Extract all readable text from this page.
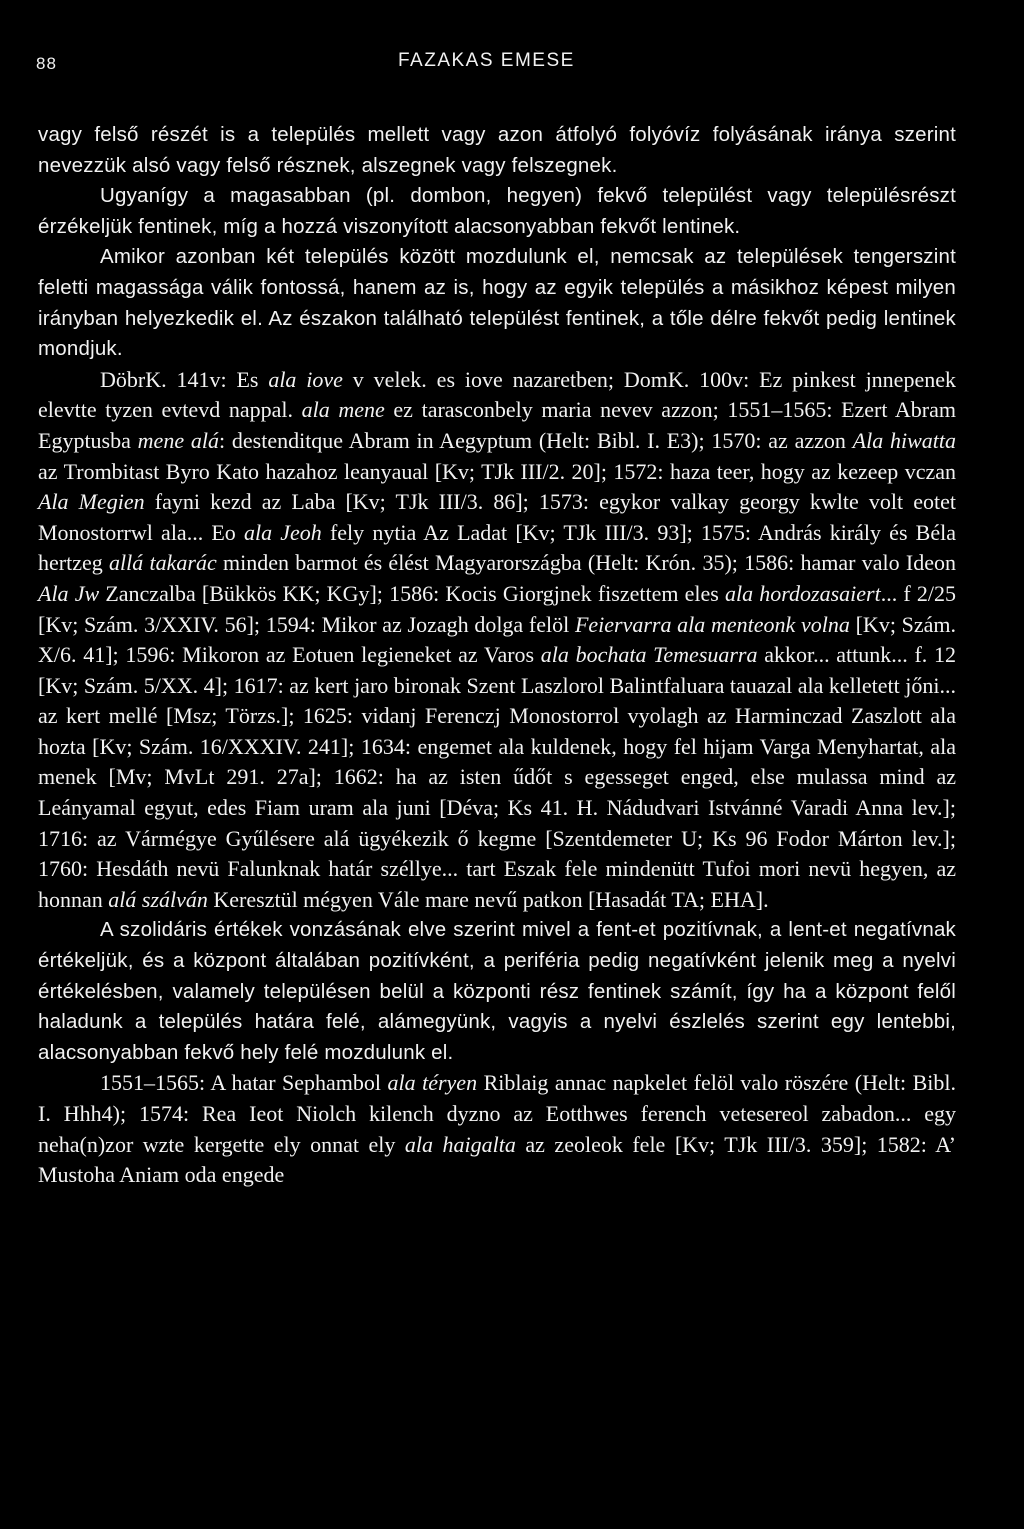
88	FAZAKAS EMESE

vagy felső részét is a település mellett vagy azon átfolyó folyóvíz folyásának iránya szerint nevezzük alsó vagy felső résznek, alszegnek vagy felszegnek.

Ugyanígy a magasabban (pl. dombon, hegyen) fekvő települést vagy településrészt érzékeljük fentinek, míg a hozzá viszonyított alacsonyabban fekvőt lentinek.

Amikor azonban két település között mozdulunk el, nemcsak az települések tengerszint feletti magassága válik fontossá, hanem az is, hogy az egyik település a másikhoz képest milyen irányban helyezkedik el. Az északon található települést fentinek, a tőle délre fekvőt pedig lentinek mondjuk.

DöbrK. 141v: Es ala iove v velek. es iove nazaretben; DomK. 100v: Ez pinkest jnnepenek elevtte tyzen evtevd nappal. ala mene ez tarasconbely maria nevev azzon; 1551–1565: Ezert Abram Egyptusba mene alá: destenditque Abram in Aegyptum (Helt: Bibl. I. E3); 1570: az azzon Ala hiwatta az Trombitast Byro Kato hazahoz leanyaual [Kv; TJk III/2. 20]; 1572: haza teer, hogy az kezeep vczan Ala Megien fayni kezd az Laba [Kv; TJk III/3. 86]; 1573: egykor valkay georgy kwlte volt eotet Monostorrwl ala... Eo ala Jeoh fely nytia Az Ladat [Kv; TJk III/3. 93]; 1575: András király és Béla hertzeg allá takarác minden barmot és élést Magyarországba (Helt: Krón. 35); 1586: hamar valo Ideon Ala Jw Zanczalba [Bükkös KK; KGy]; 1586: Kocis Giorgjnek fiszettem eles ala hordozasaiert... f 2/25 [Kv; Szám. 3/XXIV. 56]; 1594: Mikor az Jozagh dolga felöl Feiervarra ala menteonk volna [Kv; Szám. X/6. 41]; 1596: Mikoron az Eotuen legieneket az Varos ala bochata Temesuarra akkor... attunk... f. 12 [Kv; Szám. 5/XX. 4]; 1617: az kert jaro bironak Szent Laszlorol Balintfaluara tauazal ala kelletett jőni... az kert mellé [Msz; Törzs.]; 1625: vidanj Ferenczj Monostorrol vyolagh az Harminczad Zaszlott ala hozta [Kv; Szám. 16/XXXIV. 241]; 1634: engemet ala kuldenek, hogy fel hijam Varga Menyhartat, ala menek [Mv; MvLt 291. 27a]; 1662: ha az isten űdőt s egesseget enged, else mulassa mind az Leányamal egyut, edes Fiam uram ala juni [Déva; Ks 41. H. Nádudvari Istvánné Varadi Anna lev.]; 1716: az Vármégye Gyűlésere alá ügyékezik ő kegme [Szentdemeter U; Ks 96 Fodor Márton lev.]; 1760: Hesdáth nevü Falunknak határ széllye... tart Eszak fele mindenütt Tufoi mori nevü hegyen, az honnan alá szálván Keresztül mégyen Vále mare nevű patkon [Hasadát TA; EHA].

A szolidáris értékek vonzásának elve szerint mivel a fent-et pozitívnak, a lent-et negatívnak értékeljük, és a központ általában pozitívként, a periféria pedig negatívként jelenik meg a nyelvi értékelésben, valamely településen belül a központi rész fentinek számít, így ha a központ felől haladunk a település határa felé, alámegyünk, vagyis a nyelvi észlelés szerint egy lentebbi, alacsonyabban fekvő hely felé mozdulunk el.

1551–1565: A hatar Sephambol ala téryen Riblaig annac napkelet felöl valo röszére (Helt: Bibl. I. Hhh4); 1574: Rea Ieot Niolch kilench dyzno az Eotthwes ferench vetesereol zabadon... egy neha(n)zor wzte kergette ely onnat ely ala haigalta az zeoleok fele [Kv; TJk III/3. 359]; 1582: A’ Mustoha Aniam oda engede
